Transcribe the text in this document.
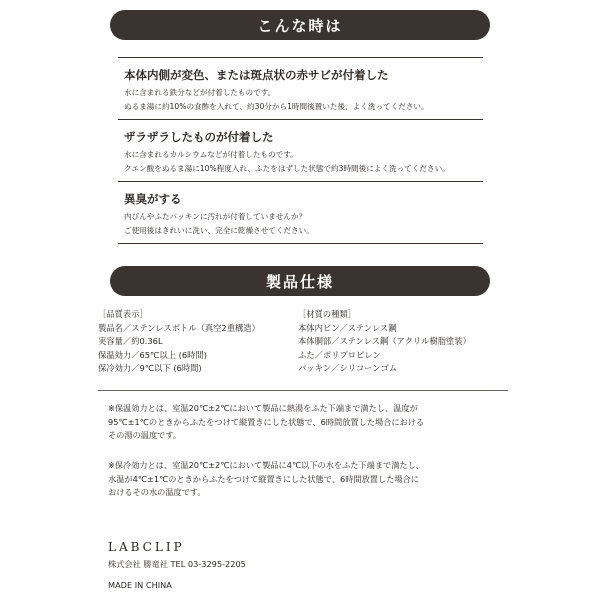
こんな時は
本体内側が変色、または斑点状の赤サビが付着した
水に含まれる鉄分などが付着したものです。
ぬるま湯に約10%の食酢を入れて、約30分から1時間後置いた後、よく洗ってください。
ザラザラしたものが付着した
水に含まれるカルシウムなどが付着したものです。
クエン酸をぬるま湯に10%程度入れ、ふたをはずした状態で約3時間後によく洗ってください。
異臭がする
内びんやふたパッキンに汚れが付着していませんか？
ご使用後はきれいに洗い、完全に乾燥させてください。
製品仕様
［品質表示］
製品名／ステンレスボトル（真空2重構造）
実容量／約0.36L
保温効力／65℃以上 (6時間)
保冷効力／9℃以下 (6時間)
［材質の種類］
本体内ビン／ステンレス鋼
本体胴部／ステンレス鋼（アクリル樹脂塗装）
ふた／ポリプロピレン
パッキン／シリコーンゴム
※保温効力とは、室温20℃±2℃において製品に熱湯をふた下端まで満たし、温度が
95℃±1℃のときからふたをつけて縦置きにした状態で、6時間放置した場合における
その湯の温度です。
※保冷効力とは、室温20℃±2℃において製品に4℃以下の水をふた下端まで満たし、
水温が4℃±1℃のときからふたをつけて縦置きにした状態で、6時間放置した場合に
おけるその水の温度です。
LABCLIP
株式会社 勝竜社 TEL 03-3295-2205
MADE IN CHINA
